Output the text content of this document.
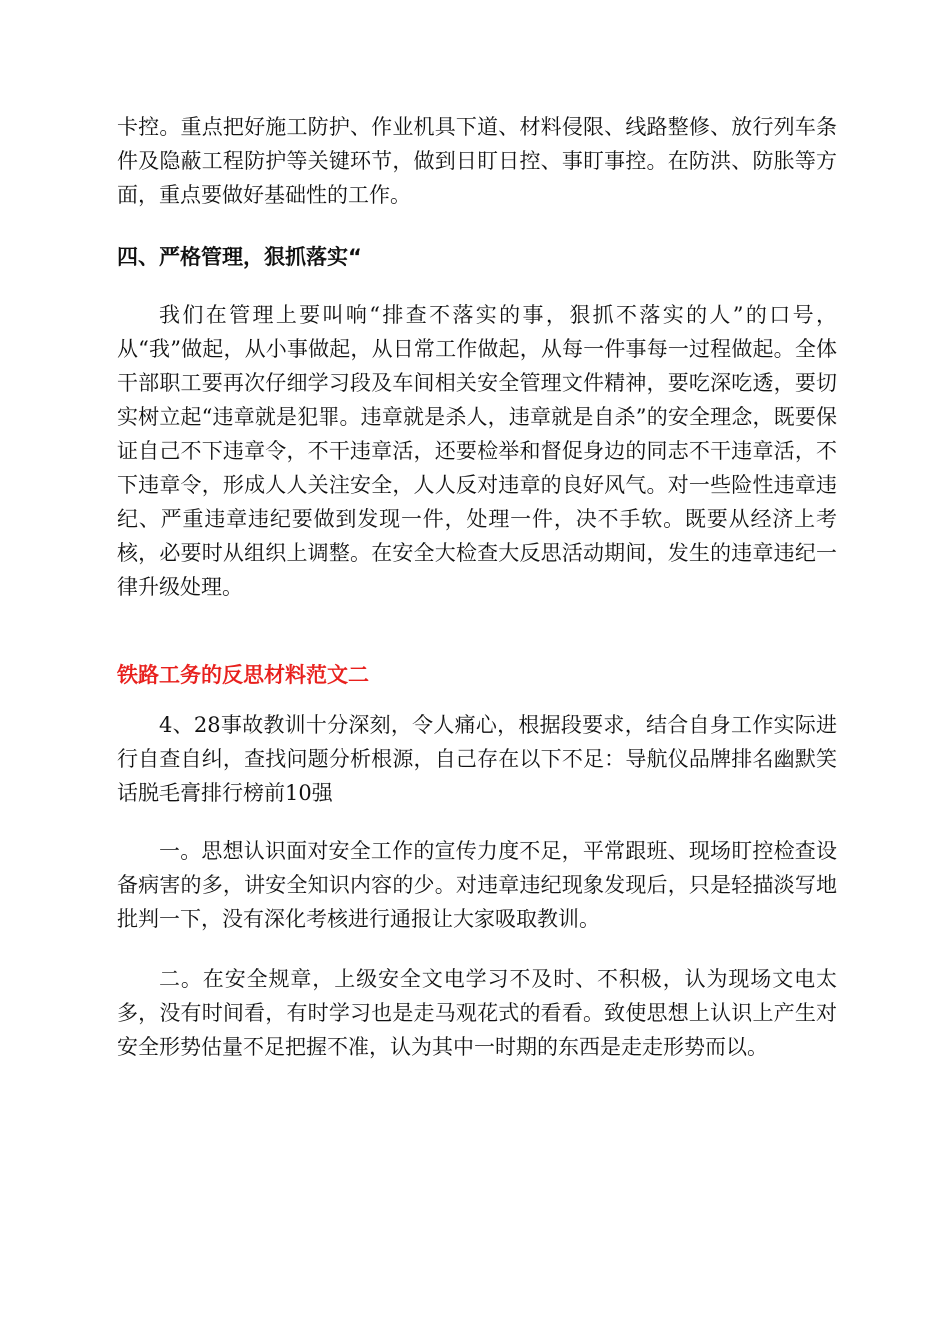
卡控。重点把好施工防护、作业机具下道、材料侵限、线路整修、放行列车条件及隐蔽工程防护等关键环节，做到日盯日控、事盯事控。在防洪、防胀等方面，重点要做好基础性的工作。

四、严格管理，狠抓落实“

我们在管理上要叫响“排查不落实的事，狠抓不落实的人”的口号，从“我”做起，从小事做起，从日常工作做起，从每一件事每一过程做起。全体干部职工要再次仔细学习段及车间相关安全管理文件精神，要吃深吃透，要切实树立起“违章就是犯罪。违章就是杀人，违章就是自杀”的安全理念，既要保证自己不下违章令，不干违章活，还要检举和督促身边的同志不干违章活，不下违章令，形成人人关注安全，人人反对违章的良好风气。对一些险性违章违纪、严重违章违纪要做到发现一件，处理一件，决不手软。既要从经济上考核，必要时从组织上调整。在安全大检查大反思活动期间，发生的违章违纪一律升级处理。

铁路工务的反思材料范文二

4、28事故教训十分深刻，令人痛心，根据段要求，结合自身工作实际进行自查自纠，查找问题分析根源，自己存在以下不足：导航仪品牌排名幽默笑话脱毛膏排行榜前10强

一。思想认识面对安全工作的宣传力度不足，平常跟班、现场盯控检查设备病害的多，讲安全知识内容的少。对违章违纪现象发现后，只是轻描淡写地批判一下，没有深化考核进行通报让大家吸取教训。

二。在安全规章，上级安全文电学习不及时、不积极，认为现场文电太多，没有时间看，有时学习也是走马观花式的看看。致使思想上认识上产生对安全形势估量不足把握不准，认为其中一时期的东西是走走形势而以。
